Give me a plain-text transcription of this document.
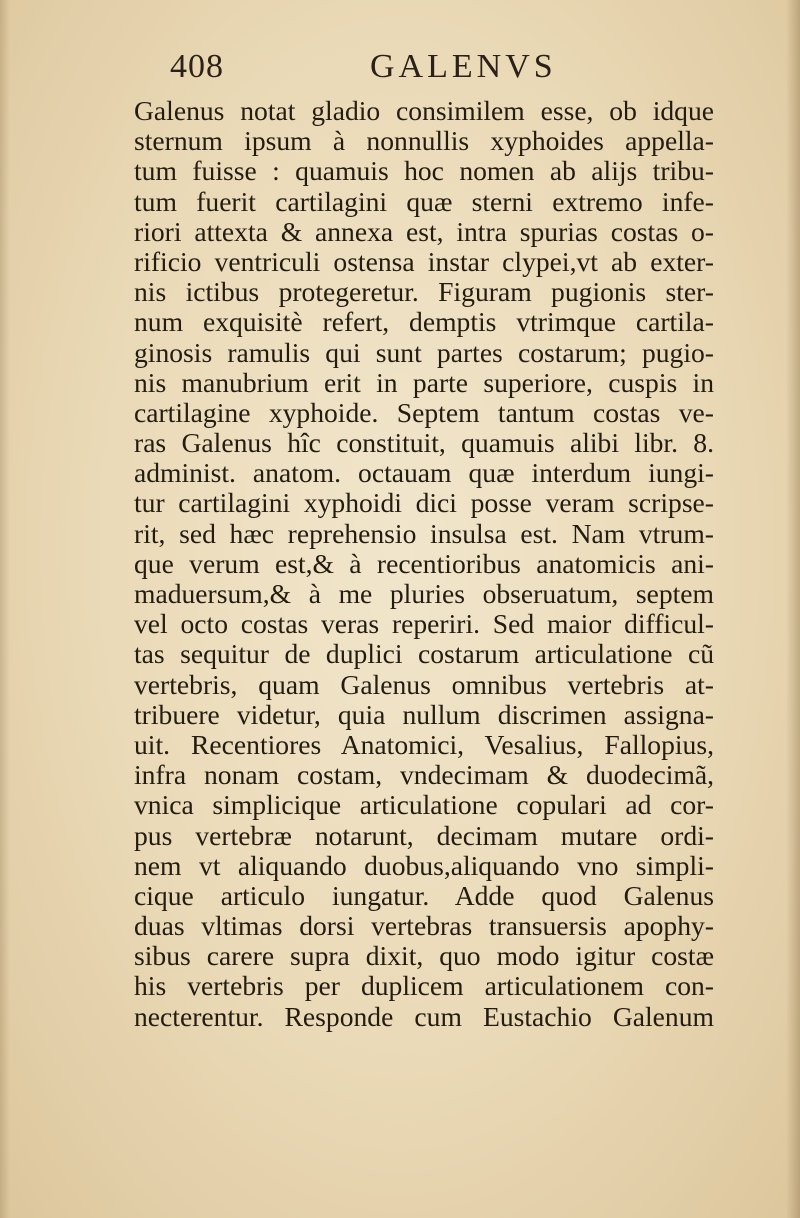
408	GALENVS
Galenus notat gladio consimilem esse, ob idque
sternum ipsum à nonnullis xyphoides appella-
tum fuisse : quamuis hoc nomen ab alijs tribu-
tum fuerit cartilagini quæ sterni extremo infe-
riori attexta & annexa est, intra spurias costas o-
rificio ventriculi ostensa instar clypei,vt ab exter-
nis ictibus protegeretur. Figuram pugionis ster-
num exquisitè refert, demptis vtrimque cartila-
ginosis ramulis qui sunt partes costarum; pugio-
nis manubrium erit in parte superiore, cuspis in
cartilagine xyphoide. Septem tantum costas ve-
ras Galenus hîc constituit, quamuis alibi libr. 8.
administ. anatom. octauam quæ interdum iungi-
tur cartilagini xyphoidi dici posse veram scripse-
rit, sed hæc reprehensio insulsa est. Nam vtrum-
que verum est,& à recentioribus anatomicis ani-
maduersum,& à me pluries obseruatum, septem
vel octo costas veras reperiri. Sed maior difficul-
tas sequitur de duplici costarum articulatione cũ
vertebris, quam Galenus omnibus vertebris at-
tribuere videtur, quia nullum discrimen assigna-
uit. Recentiores Anatomici, Vesalius, Fallopius,
infra nonam costam, vndecimam & duodecimã,
vnica simplicique articulatione copulari ad cor-
pus vertebræ notarunt, decimam mutare ordi-
nem vt aliquando duobus,aliquando vno simpli-
cique articulo iungatur. Adde quod Galenus
duas vltimas dorsi vertebras transuersis apophy-
sibus carere supra dixit, quo modo igitur costæ
his vertebris per duplicem articulationem con-
necterentur. Responde cum Eustachio Galenum
